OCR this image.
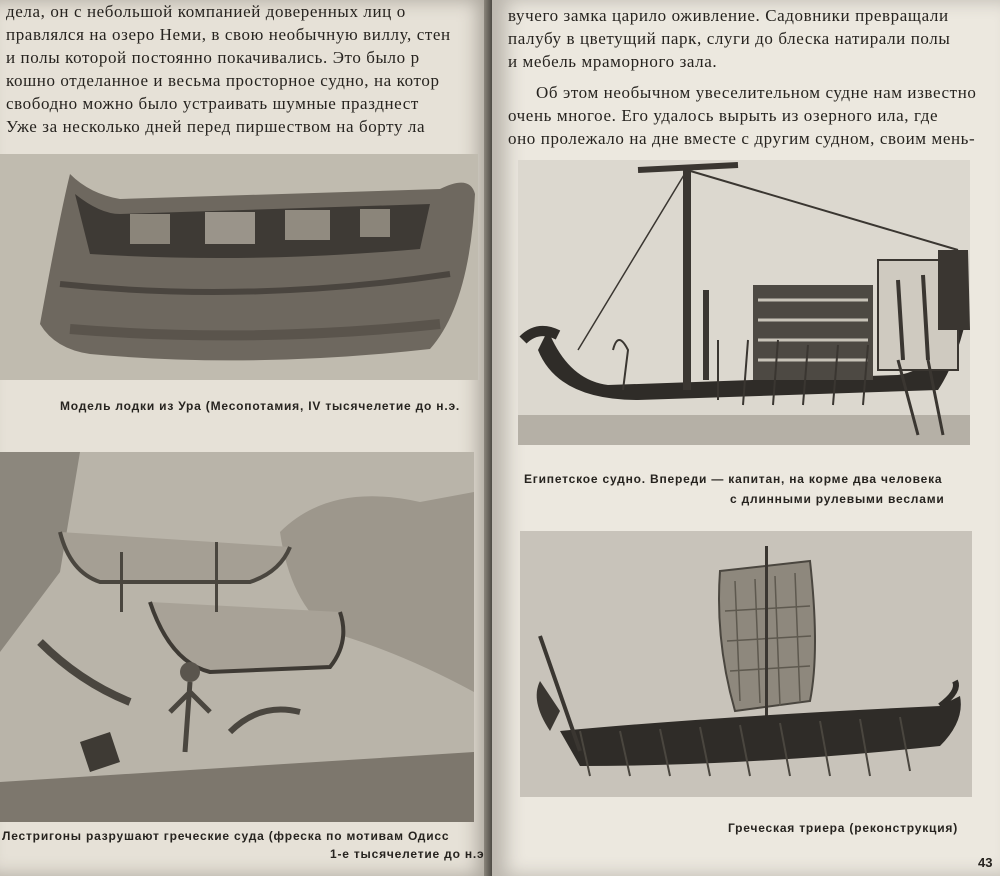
дела, он с небольшой компанией доверенных лиц о
правлялся на озеро Неми, в свою необычную виллу, стен
и полы которой постоянно покачивались. Это было р
кошно отделанное и весьма просторное судно, на котор
свободно можно было устраивать шумные празднест
Уже за несколько дней перед пиршеством на борту ла
Модель лодки из Ура (Месопотамия, IV тысячелетие до н.э.
Лестригоны разрушают греческие суда (фреска по мотивам Одисс
1-е тысячелетие до н.э
вучего замка царило оживление. Садовники превращали
палубу в цветущий парк, слуги до блеска натирали полы
и мебель мраморного зала.
Об этом необычном увеселительном судне нам известно
очень многое. Его удалось вырыть из озерного ила, где
оно пролежало на дне вместе с другим судном, своим мень-
Египетское судно. Впереди — капитан, на корме два человека
с длинными рулевыми веслами
Греческая триера (реконструкция)
43
